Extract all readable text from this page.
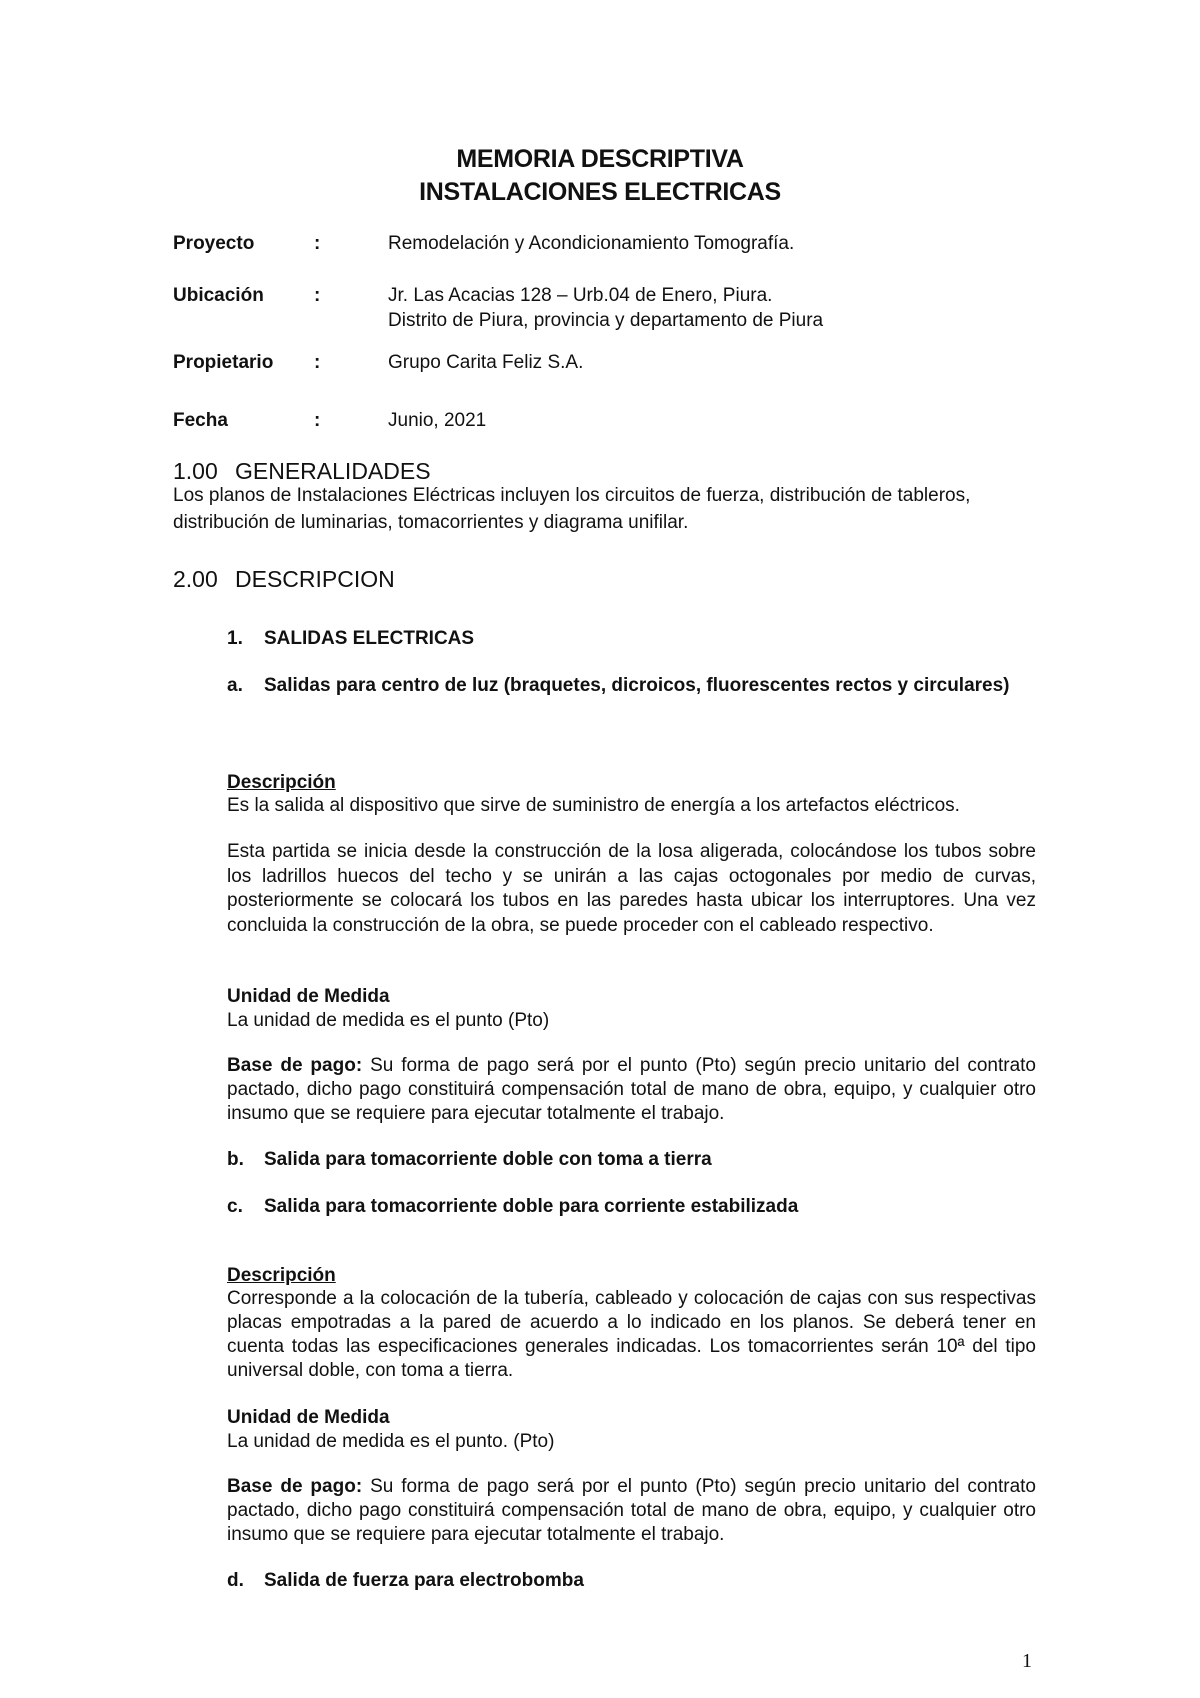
MEMORIA DESCRIPTIVA
INSTALACIONES ELECTRICAS
Proyecto	:	Remodelación y Acondicionamiento Tomografía.
Ubicación	:	Jr. Las Acacias 128 – Urb.04 de Enero, Piura.
Distrito de Piura, provincia y departamento de Piura
Propietario :	Grupo Carita Feliz S.A.
Fecha	:	Junio, 2021
1.00 GENERALIDADES
Los planos de Instalaciones Eléctricas incluyen los circuitos de fuerza, distribución de tableros,
distribución de luminarias, tomacorrientes y diagrama unifilar.
2.00 DESCRIPCION
1. SALIDAS ELECTRICAS
a. Salidas para centro de luz (braquetes, dicroicos, fluorescentes rectos y circulares)
Descripción
Es la salida al dispositivo que sirve de suministro de energía a los artefactos eléctricos.
Esta partida se inicia desde la construcción de la losa aligerada, colocándose los tubos sobre los ladrillos huecos del techo y se unirán a las cajas octogonales por medio de curvas, posteriormente se colocará los tubos en las paredes hasta ubicar los interruptores. Una vez concluida la construcción de la obra, se puede proceder con el cableado respectivo.
Unidad de Medida
La unidad de medida es el punto (Pto)
Base de pago: Su forma de pago será por el punto (Pto) según precio unitario del contrato pactado, dicho pago constituirá compensación total de mano de obra, equipo, y cualquier otro insumo que se requiere para ejecutar totalmente el trabajo.
b. Salida para tomacorriente doble con toma a tierra
c. Salida para tomacorriente doble para corriente estabilizada
Descripción
Corresponde a la colocación de la tubería, cableado y colocación de cajas con sus respectivas placas empotradas a la pared de acuerdo a lo indicado en los planos. Se deberá tener en cuenta todas las especificaciones generales indicadas. Los tomacorrientes serán 10ª del tipo universal doble, con toma a tierra.
Unidad de Medida
La unidad de medida es el punto. (Pto)
Base de pago: Su forma de pago será por el punto (Pto) según precio unitario del contrato pactado, dicho pago constituirá compensación total de mano de obra, equipo, y cualquier otro insumo que se requiere para ejecutar totalmente el trabajo.
d. Salida de fuerza para electrobomba
1
